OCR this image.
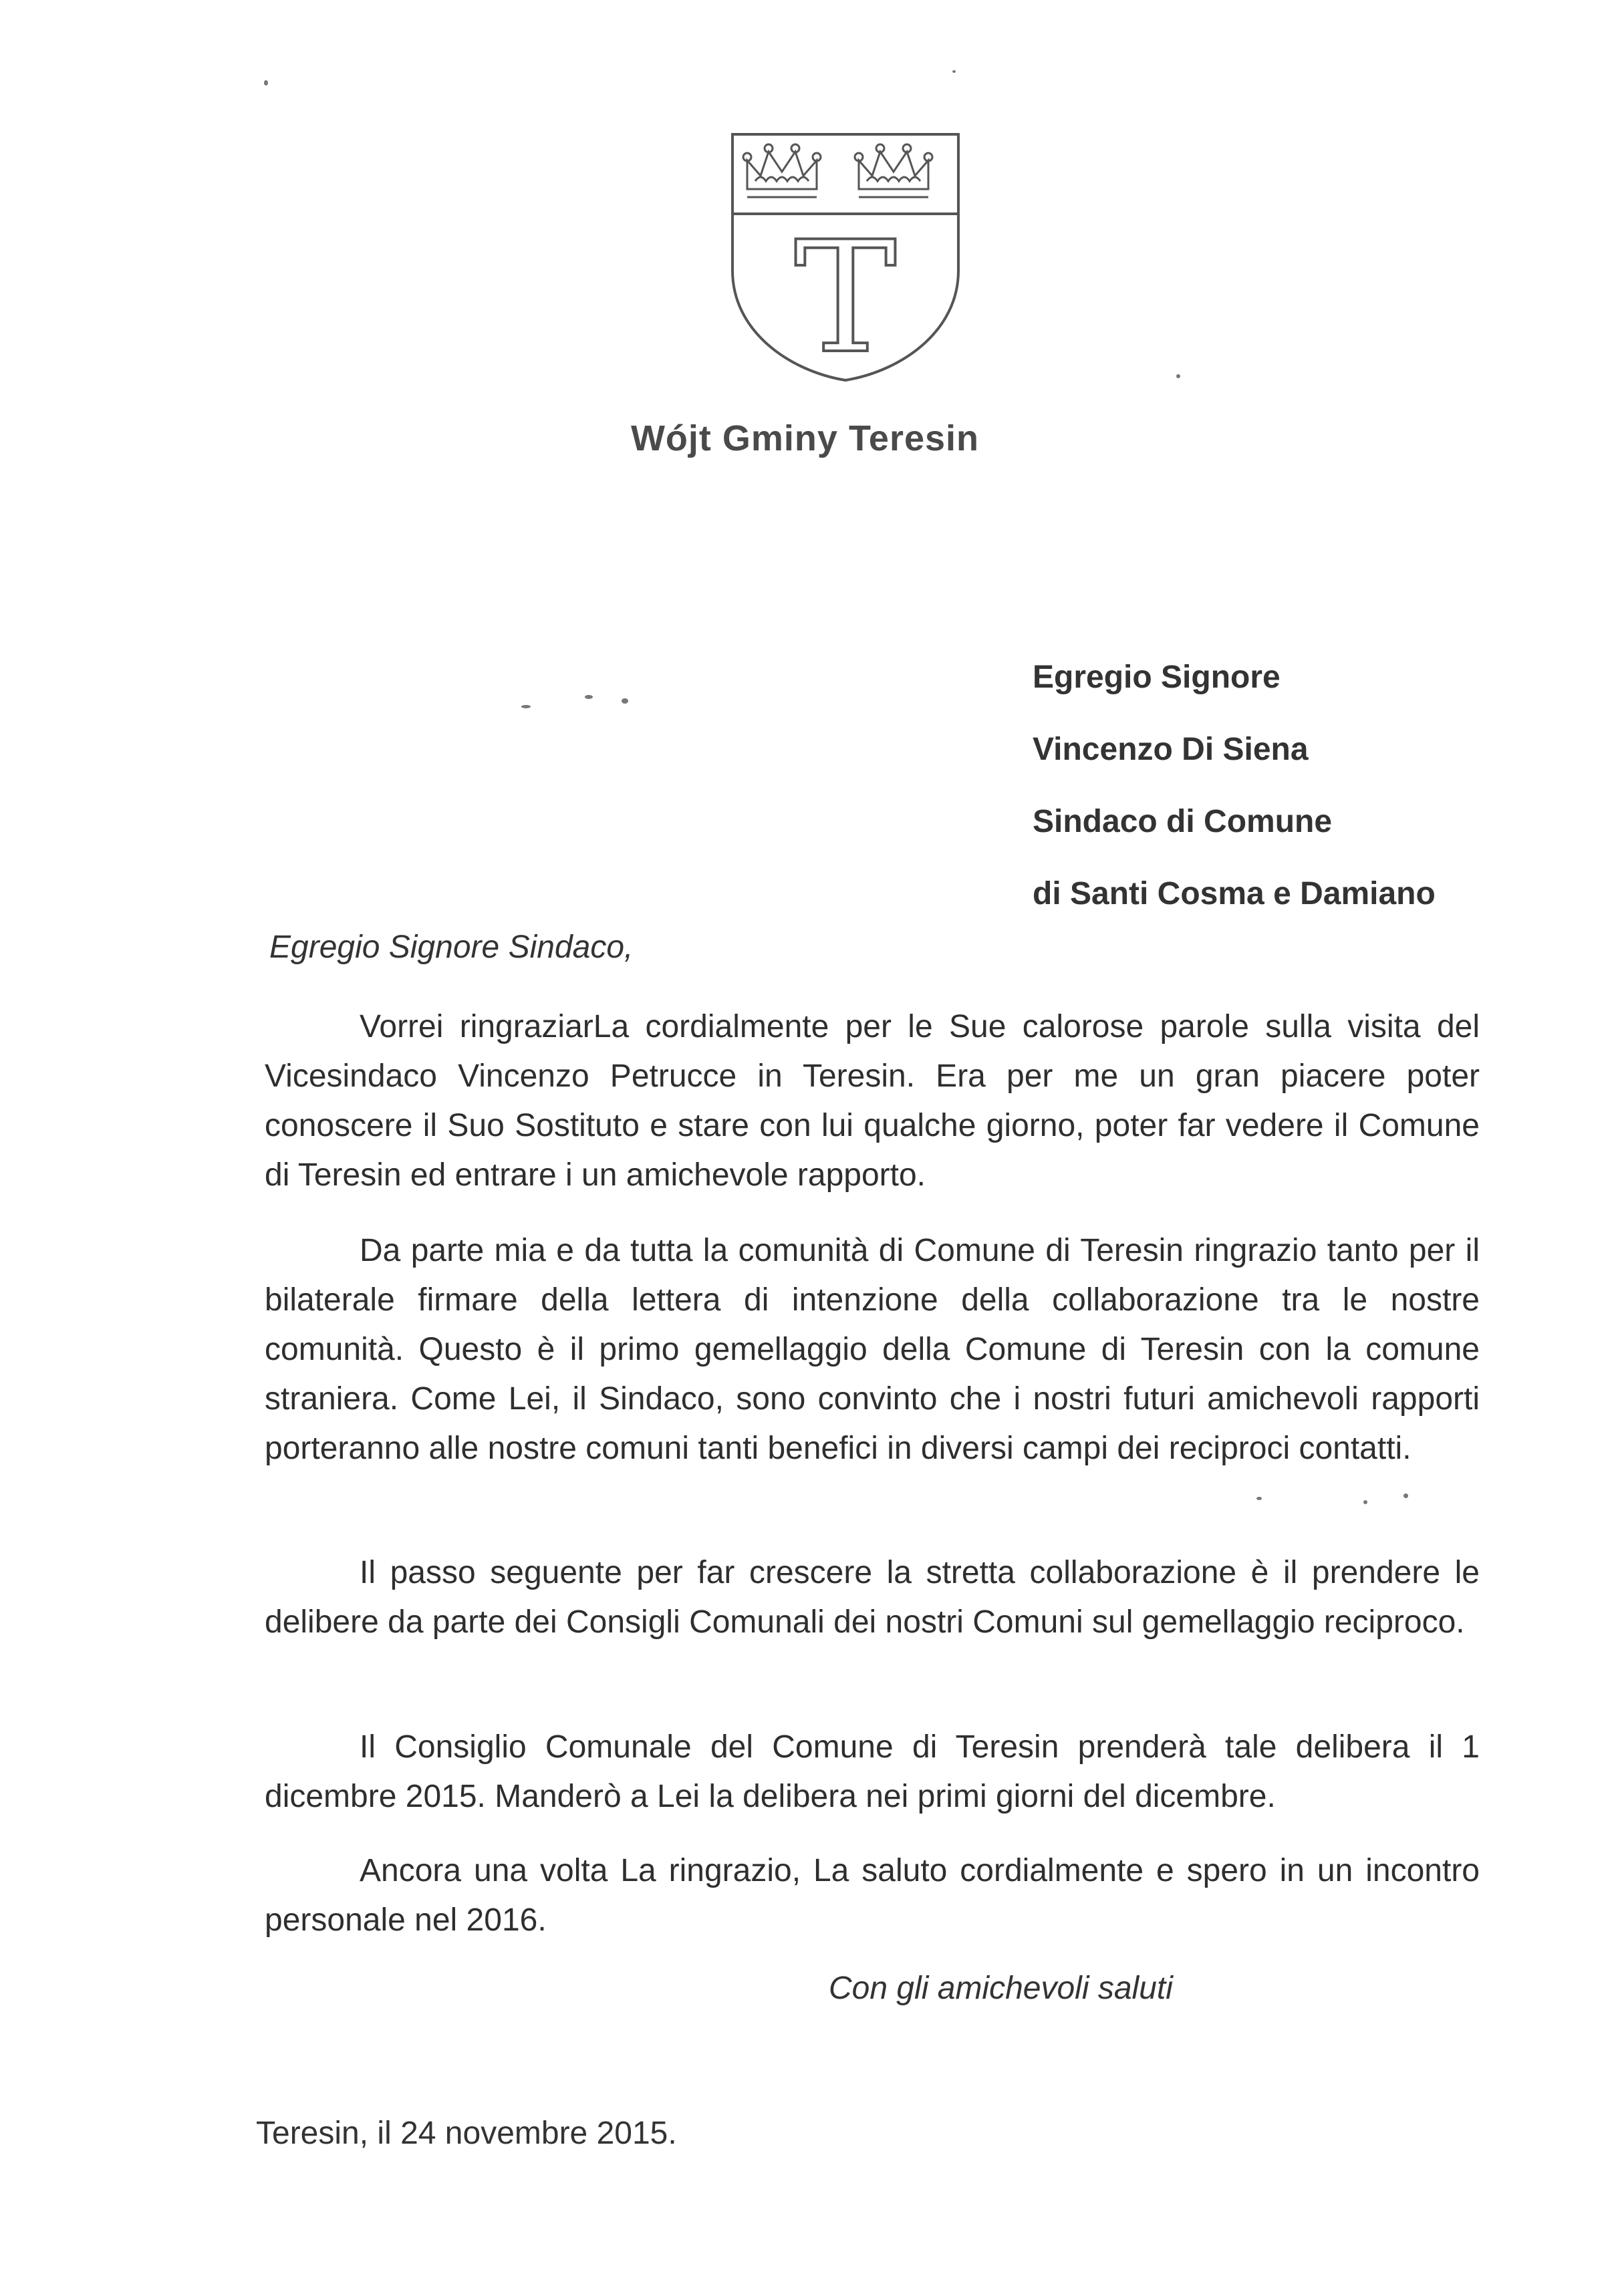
T
Wójt Gminy Teresin
Egregio Signore
Vincenzo Di Siena
Sindaco di Comune
di Santi Cosma e Damiano
Egregio Signore Sindaco,
Vorrei ringraziarLa cordialmente per le Sue calorose parole sulla visita del Vicesindaco Vincenzo Petrucce in Teresin. Era per me un gran piacere poter conoscere il Suo Sostituto e stare con lui qualche giorno, poter far vedere il Comune di Teresin ed entrare i un amichevole rapporto.
Da parte mia e da tutta la comunità di Comune di Teresin ringrazio tanto per il bilaterale firmare della lettera di intenzione della collaborazione tra le nostre comunità. Questo è il primo gemellaggio della Comune di Teresin con la comune straniera. Come Lei, il Sindaco, sono convinto che i nostri futuri amichevoli rapporti porteranno alle nostre comuni tanti benefici in diversi campi dei reciproci contatti.
Il passo seguente per far crescere la stretta collaborazione è il prendere le delibere da parte dei Consigli Comunali dei nostri Comuni sul gemellaggio reciproco.
Il Consiglio Comunale del Comune di Teresin prenderà tale delibera il 1 dicembre 2015. Manderò a Lei la delibera nei primi giorni del dicembre.
Ancora una volta La ringrazio, La saluto cordialmente e spero in un incontro personale nel 2016.
Con gli amichevoli saluti
Teresin, il 24 novembre 2015.
